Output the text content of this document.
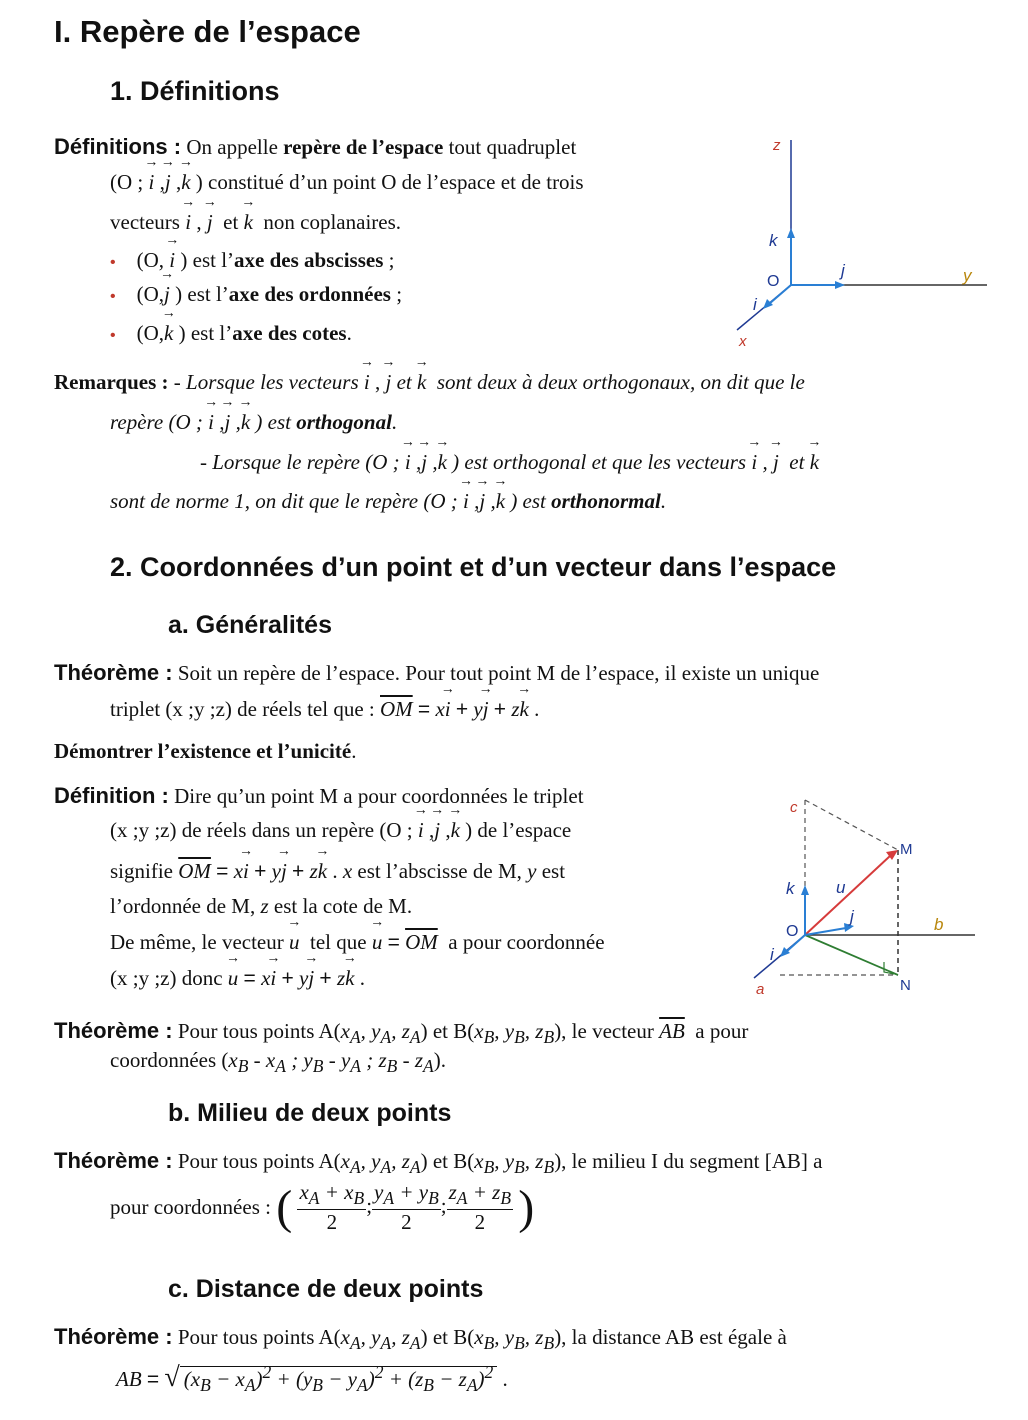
I. Repère de l’espace
1. Définitions
Définitions : On appelle repère de l’espace tout quadruplet
(O ; → i ,→ j ,→ k ) constitué d’un point O de l’espace et de trois
vecteurs → i , → j  et → k non coplanaires.
• (O, → i ) est l’axe des abscisses ;
• (O,→ j ) est l’axe des ordonnées ;
• (O,→ k ) est l’axe des cotes.
z
y
x
O
k
j
i
Remarques : - Lorsque les vecteurs → i , → j et → k sont deux à deux orthogonaux, on dit que le
repère (O ; → i ,→ j ,→ k ) est orthogonal.
- Lorsque le repère (O ; → i ,→ j ,→ k ) est orthogonal et que les vecteurs → i , → j  et → k
sont de norme 1, on dit que le repère (O ; → i ,→ j ,→ k ) est orthonormal.
2. Coordonnées d’un point et d’un vecteur dans l’espace
a. Généralités
Théorème : Soit un repère de l’espace. Pour tout point M de l’espace, il existe un unique
triplet (x ;y ;z) de réels tel que : $\overline{OM} = x\to i + y\to j + z\to k$ .
Démontrer l’existence et l’unicité.
Définition : Dire qu’un point M a pour coordonnées le triplet
(x ;y ;z) de réels dans un repère (O ; → i ,→ j ,→ k ) de l’espace
signifie $\overline{OM} = x\to i + y\to j + z\to k$ . x est l’abscisse de M, y est
l’ordonnée de M, z est la cote de M.
De même, le vecteur → u tel que → $u = \overline{OM}$ a pour coordonnée
(x ;y ;z) donc → u = x→ i + y→ j + z→ k .
c
M
u
k
j
O	b
i
a	N
Théorème : Pour tous points $A(x_A$, $y_A$, $z_A$) et $B(x_B$, $y_B$, $z_B$), le vecteur $\overline{AB}$ a pour
coordonnées ($x_B - x_A$ ; $y_B - y_A$ ; $z_B - z_A$).
b. Milieu de deux points
Théorème : Pour tous points $A(x_A$, $y_A$, $z_A$) et $B(x_B$, $y_B$, $z_B$), le milieu I du segment [AB] a
pour coordonnées : ( $\frac{x_A + x_B}{2}$ ; $\frac{y_A + y_B}{2}$ ; $\frac{z_A + z_B}{2}$ )
c. Distance de deux points
Théorème : Pour tous points $A(x_A$, $y_A$, $z_A$) et $B(x_B$, $y_B$, $z_B$), la distance AB est égale à
AB = √ $(x_B - x_A)^2 + (y_B - y_A)^2 + (z_B - z_A)^2$ .
